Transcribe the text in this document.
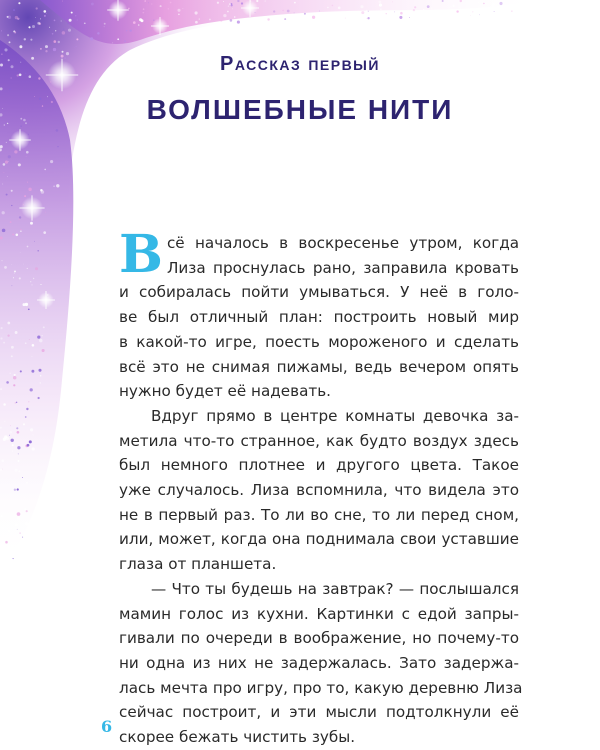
Рассказ первый
ВОЛШЕБНЫЕ НИТИ

В сё началось в воскресенье утром, когда
Лиза проснулась рано, заправила кровать
и собиралась пойти умываться. У неё в голо-
ве был отличный план: построить новый мир
в какой-то игре, поесть мороженого и сделать
всё это не снимая пижамы, ведь вечером опять
нужно будет её надевать.

Вдруг прямо в центре комнаты девочка за-
метила что-то странное, как будто воздух здесь
был немного плотнее и другого цвета. Такое
уже случалось. Лиза вспомнила, что видела это
не в первый раз. То ли во сне, то ли перед сном,
или, может, когда она поднимала свои уставшие
глаза от планшета.

— Что ты будешь на завтрак? — послышался
мамин голос из кухни. Картинки с едой запры-
гивали по очереди в воображение, но почему-то
ни одна из них не задержалась. Зато задержа-
лась мечта про игру, про то, какую деревню Лиза
сейчас построит, и эти мысли подтолкнули её
скорее бежать чистить зубы.

6
